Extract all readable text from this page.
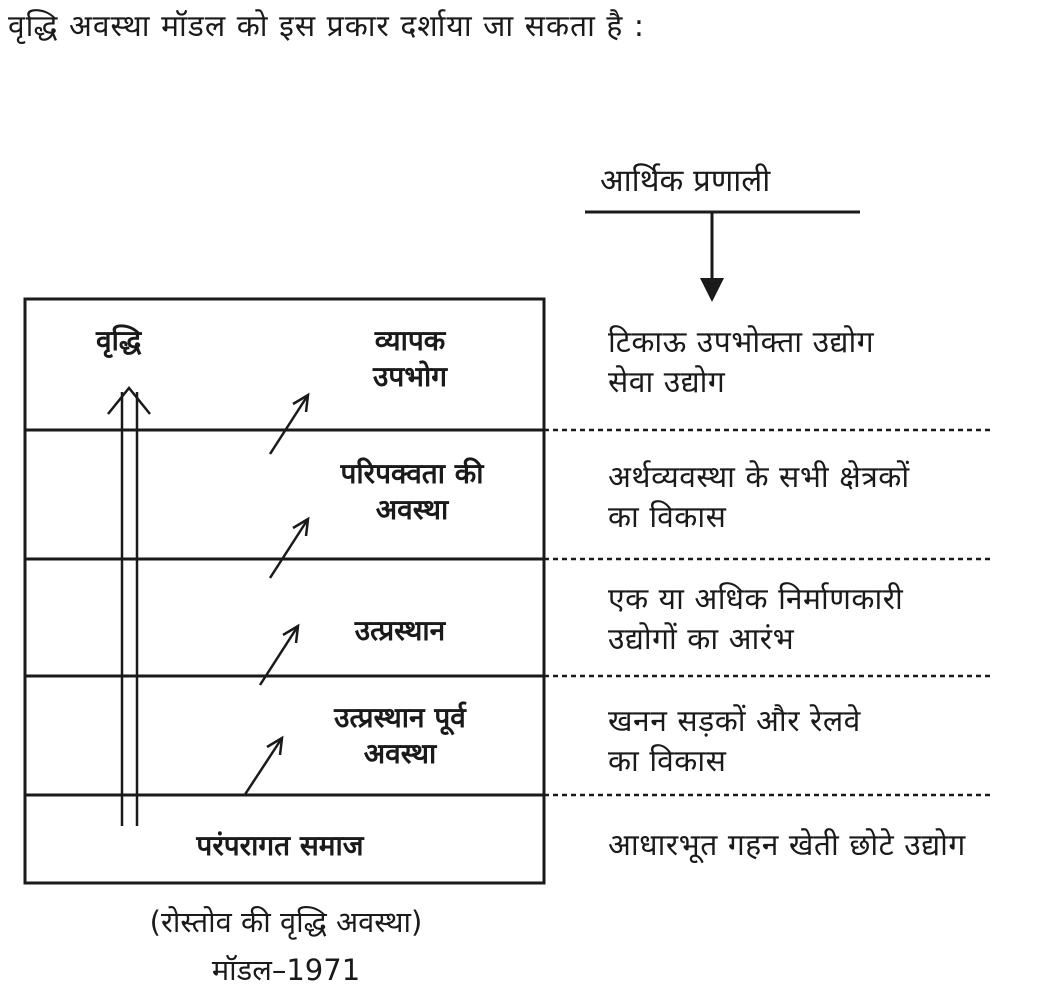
वृद्धि अवस्था मॉडल को इस प्रकार दर्शाया जा सकता है :
आर्थिक प्रणाली
वृद्धि	व्यापक
उपभोग
परिपक्वता की
अवस्था
उत्प्रस्थान
उत्प्रस्थान पूर्व
अवस्था
परंपरागत समाज
टिकाऊ उपभोक्ता उद्योग
सेवा उद्योग
अर्थव्यवस्था के सभी क्षेत्रकों
का विकास
एक या अधिक निर्माणकारी
उद्योगों का आरंभ
खनन सड़कों और रेलवे
का विकास
आधारभूत गहन खेती छोटे उद्योग
(रोस्तोव की वृद्धि अवस्था)
मॉडल–1971
